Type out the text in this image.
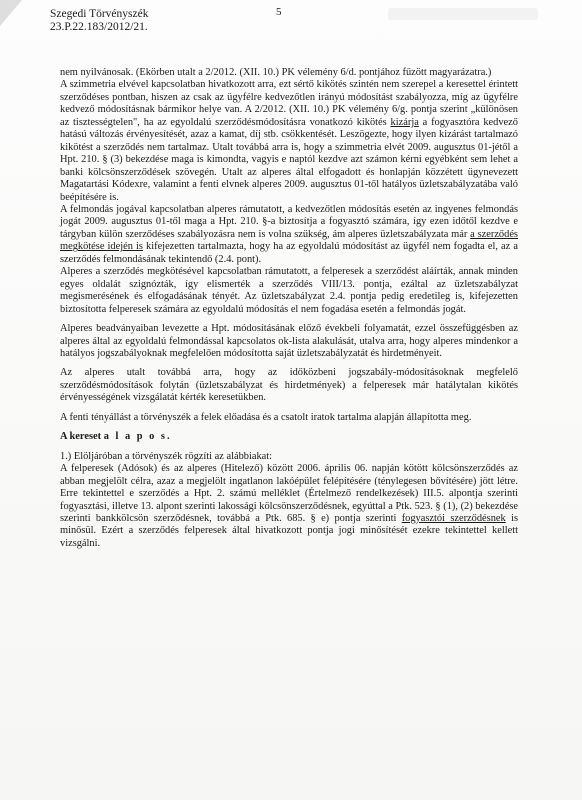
Szegedi Törvényszék
23.P.22.183/2012/21.
5

nem nyilvánosak. (Ekörben utalt a 2/2012. (XII. 10.) PK vélemény 6/d. pontjához fűzött magyarázatra.)

A szimmetria elvével kapcsolatban hivatkozott arra, ezt sértő kikötés szintén nem szerepel a keresettel érintett szerződéses pontban, hiszen az csak az ügyfélre kedvezőtlen irányú módosítást szabályozza, míg az ügyfélre kedvező módosításnak bármikor helye van. A 2/2012. (XII. 10.) PK vélemény 6/g. pontja szerint „különösen az tisztességtelen", ha az egyoldalú szerződésmódosításra vonatkozó kikötés kizárja a fogyasztóra kedvező hatású változás érvényesítését, azaz a kamat, díj stb. csökkentését. Leszögezte, hogy ilyen kizárást tartalmazó kikötést a szerződés nem tartalmaz. Utalt továbbá arra is, hogy a szimmetria elvét 2009. augusztus 01-jétől a Hpt. 210. § (3) bekezdése maga is kimondta, vagyis e naptól kezdve azt számon kérni egyébként sem lehet a banki kölcsönszerződések szövegén. Utalt az alperes által elfogadott és honlapján közzétett ügynevezett Magatartási Kódexre, valamint a fenti elvnek alperes 2009. augusztus 01-től hatályos üzletszabályzatába való beépítésére is.

A felmondás jogával kapcsolatban alperes rámutatott, a kedvezőtlen módosítás esetén az ingyenes felmondás jogát 2009. augusztus 01-től maga a Hpt. 210. §-a biztosítja a fogyasztó számára, így ezen időtől kezdve e tárgyban külön szerződéses szabályozásra nem is volna szükség, ám alperes üzletszabályzata már a szerződés megkötése idején is kifejezetten tartalmazta, hogy ha az egyoldalú módosítást az ügyfél nem fogadta el, az a szerződés felmondásának tekintendő (2.4. pont).

Alperes a szerződés megkötésével kapcsolatban rámutatott, a felperesek a szerződést aláírták, annak minden egyes oldalát szignózták, így elismerték a szerződés VIII/13. pontja, ezáltal az üzletszabályzat megismerésének és elfogadásának tényét. Az üzletszabályzat 2.4. pontja pedig eredetileg is, kifejezetten biztosította felperesek számára az egyoldalú módosítás el nem fogadása esetén a felmondás jogát.

Alperes beadványaiban levezette a Hpt. módosításának előző évekbeli folyamatát, ezzel összefüggésben az alperes által az egyoldalú felmondással kapcsolatos ok-lista alakulását, utalva arra, hogy alperes mindenkor a hatályos jogszabályoknak megfelelően módosította saját üzletszabályzatát és hirdetményeit.

Az alperes utalt továbbá arra, hogy az időközbeni jogszabály-módosításoknak megfelelő szerződésmódosítások folytán (üzletszabályzat és hirdetmények) a felperesek már hatálytalan kikötés érvényességének vizsgálatát kérték keresetükben.

A fenti tényállást a törvényszék a felek előadása és a csatolt iratok tartalma alapján állapította meg.

A kereset a l a p o s.

1.) Elöljáróban a törvényszék rögzíti az alábbiakat:

A felperesek (Adósok) és az alperes (Hitelező) között 2006. április 06. napján kötött kölcsönszerződés az abban megjelölt célra, azaz a megjelölt ingatlanon lakóépület felépítésére (ténylegesen bővítésére) jött létre. Erre tekintettel e szerződés a Hpt. 2. számú melléklet (Értelmező rendelkezések) III.5. alpontja szerinti fogyasztási, illetve 13. alpont szerinti lakossági kölcsönszerződésnek, egyúttal a Ptk. 523. § (1), (2) bekezdése szerinti bankkölcsön szerződésnek, továbbá a Ptk. 685. § e) pontja szerinti fogyasztói szerződésnek is minősül. Ezért a szerződés felperesek által hivatkozott pontja jogi minősítését ezekre tekintettel kellett vizsgálni.
